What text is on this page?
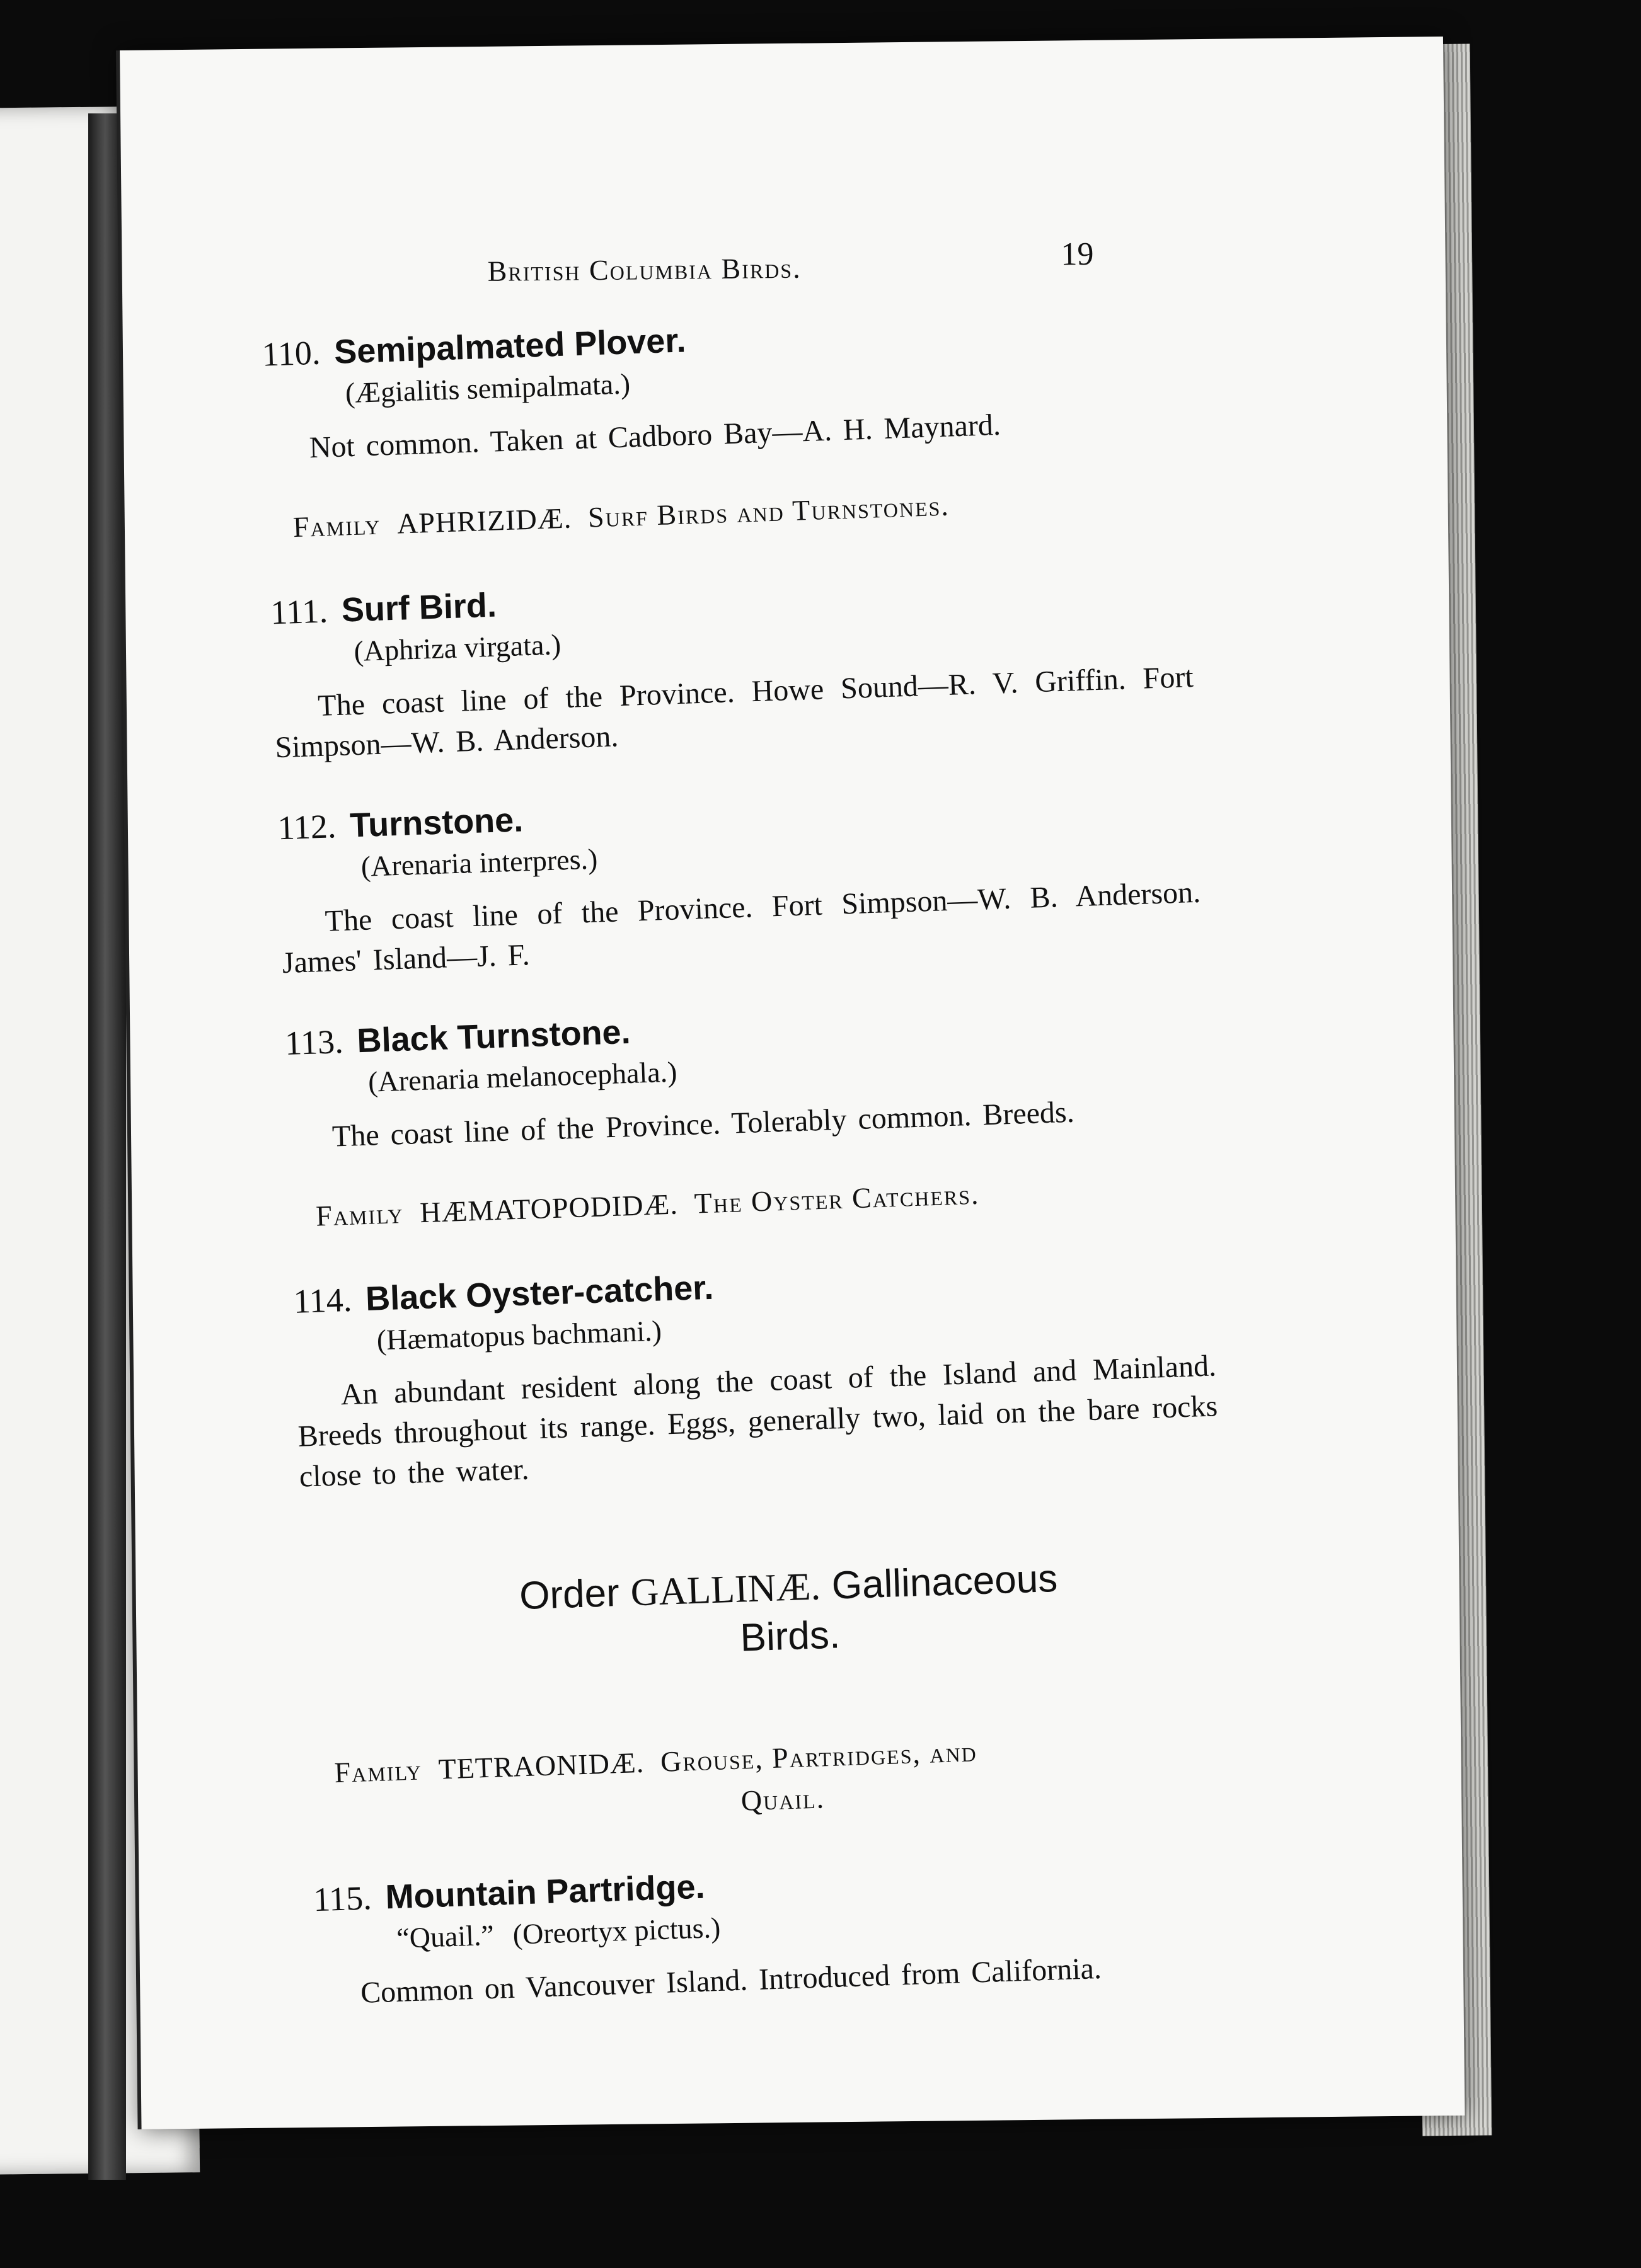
British Columbia Birds.	19
110. Semipalmated Plover.
(Ægialitis semipalmata.)
Not common. Taken at Cadboro Bay—A. H. Maynard.
Family APHRIZIDÆ. Surf Birds and Turnstones.
111. Surf Bird.
(Aphriza virgata.)
The coast line of the Province. Howe Sound—R. V. Griffin. Fort Simpson—W. B. Anderson.
112. Turnstone.
(Arenaria interpres.)
The coast line of the Province. Fort Simpson—W. B. Anderson. James' Island—J. F.
113. Black Turnstone.
(Arenaria melanocephala.)
The coast line of the Province. Tolerably common. Breeds.
Family HÆMATOPODIDÆ. The Oyster Catchers.
114. Black Oyster-catcher.
(Hæmatopus bachmani.)
An abundant resident along the coast of the Island and Mainland. Breeds throughout its range. Eggs, generally two, laid on the bare rocks close to the water.
Order GALLINÆ. Gallinaceous
Birds.
Family TETRAONIDÆ. Grouse, Partridges, and
Quail.
115. Mountain Partridge.
“Quail.” (Oreortyx pictus.)
Common on Vancouver Island. Introduced from California.
